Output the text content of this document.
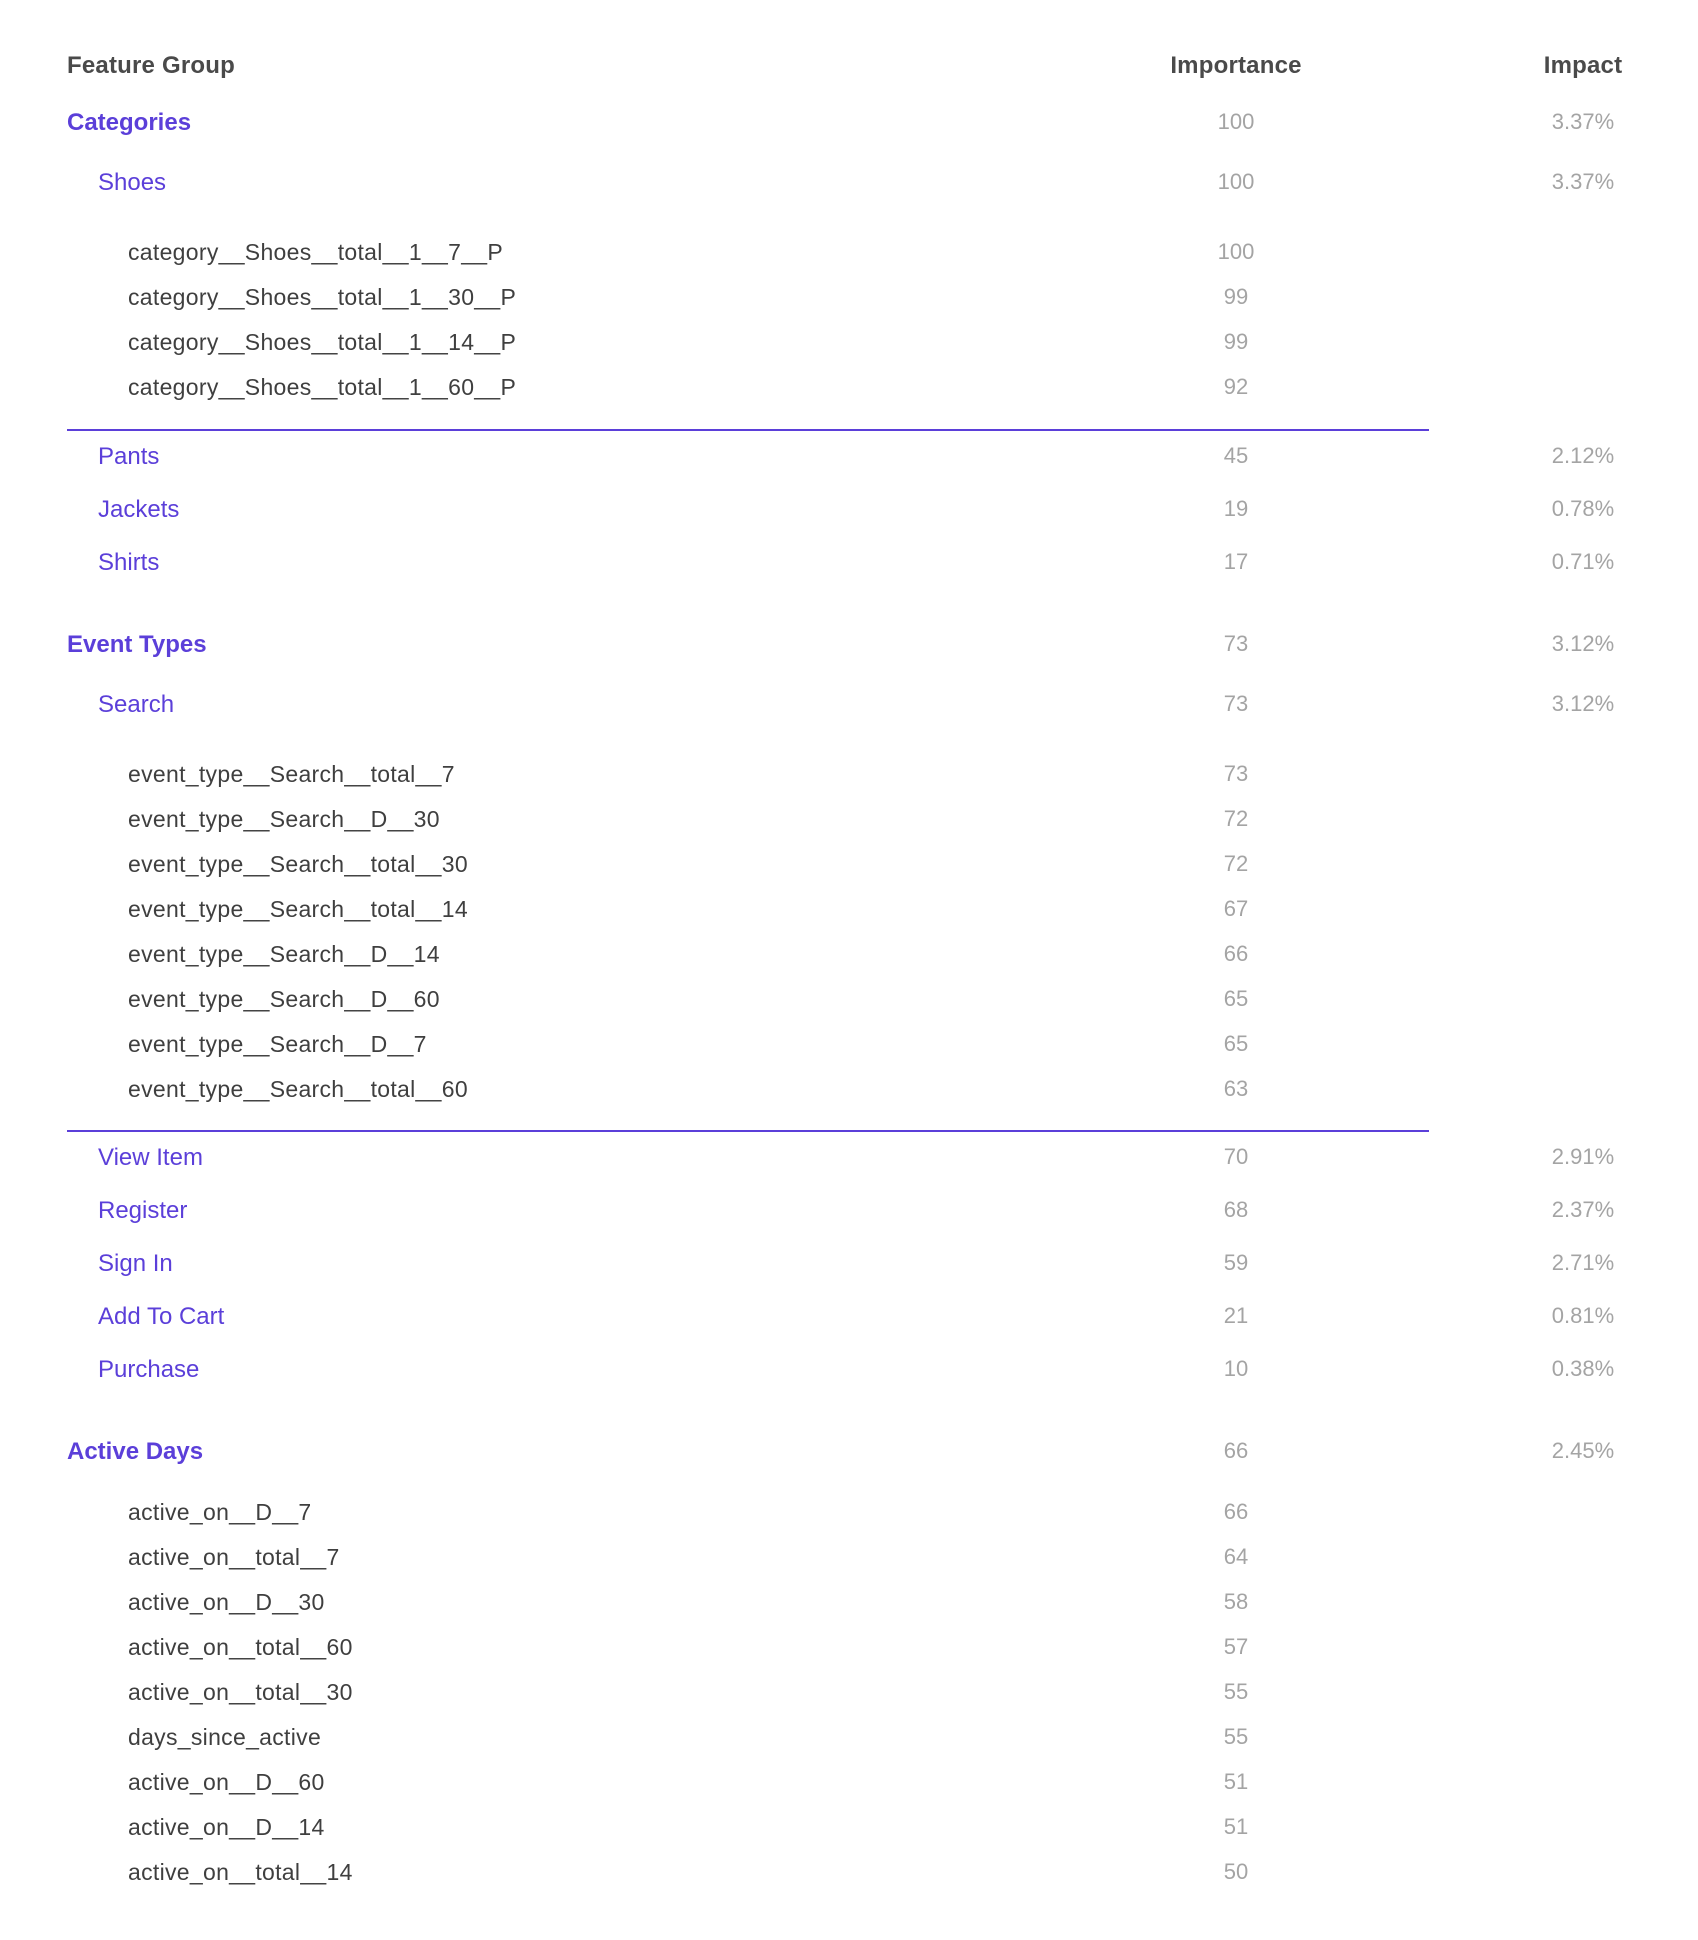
Feature Group	Importance	Impact
Categories	100	3.37%
Shoes	100	3.37%
category__Shoes__total__1__7__P	100
category__Shoes__total__1__30__P	99
category__Shoes__total__1__14__P	99
category__Shoes__total__1__60__P	92
Pants	45	2.12%
Jackets	19	0.78%
Shirts	17	0.71%
Event Types	73	3.12%
Search	73	3.12%
event_type__Search__total__7	73
event_type__Search__D__30	72
event_type__Search__total__30	72
event_type__Search__total__14	67
event_type__Search__D__14	66
event_type__Search__D__60	65
event_type__Search__D__7	65
event_type__Search__total__60	63
View Item	70	2.91%
Register	68	2.37%
Sign In	59	2.71%
Add To Cart	21	0.81%
Purchase	10	0.38%
Active Days	66	2.45%
active_on__D__7	66
active_on__total__7	64
active_on__D__30	58
active_on__total__60	57
active_on__total__30	55
days_since_active	55
active_on__D__60	51
active_on__D__14	51
active_on__total__14	50
